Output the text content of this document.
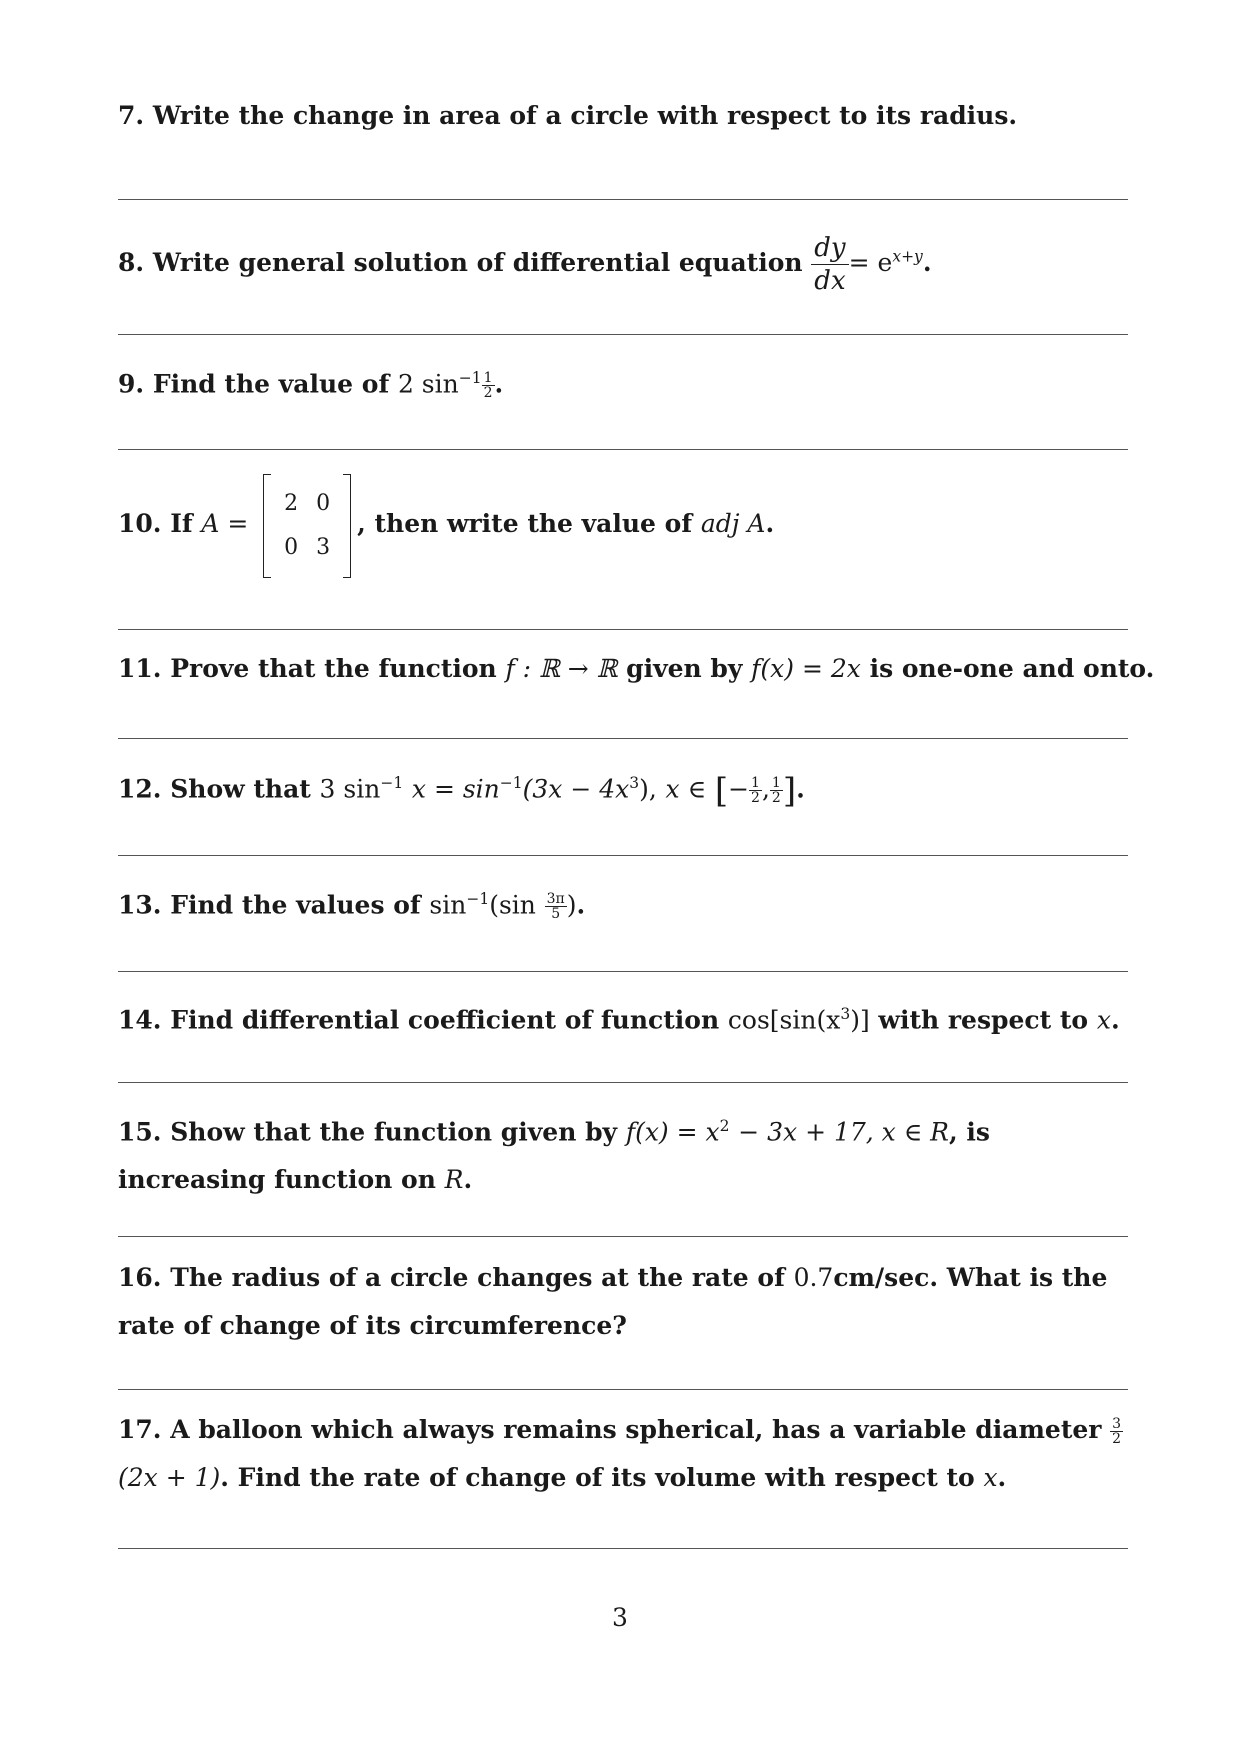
7. Write the change in area of a circle with respect to its radius.
8. Write general solution of differential equation $\frac{dy}{dx} = e^{x+y}$.
9. Find the value of 2 $\sin^{-1} \frac{1}{2}$ .
10. If A =
2 0
0 3
, then write the value of adj A.
11. Prove that the function f : ℝ → ℝ given by f(x) = 2x is one-one and onto.
12. Show that 3 $\sin^{-1} x = \sin^{-1}(3x - 4x^3)$, x ∈ [− $\frac{1}{2}$ , $\frac{1}{2}$ ].
13. Find the values of $\sin^{-1}(\sin \frac{3\pi}{5}$ ).
14. Find differential coefficient of function $\cos[\sin(x^3)]$ with respect to x.
15. Show that the function given by $f(x) = x^2 - 3x + 17$, x ∈ R, is increasing function on R.
16. The radius of a circle changes at the rate of 0.7cm/sec. What is the rate of change of its circumference?
17. A balloon which always remains spherical, has a variable diameter $\frac{3}{2}$
(2x + 1). Find the rate of change of its volume with respect to x.
3
